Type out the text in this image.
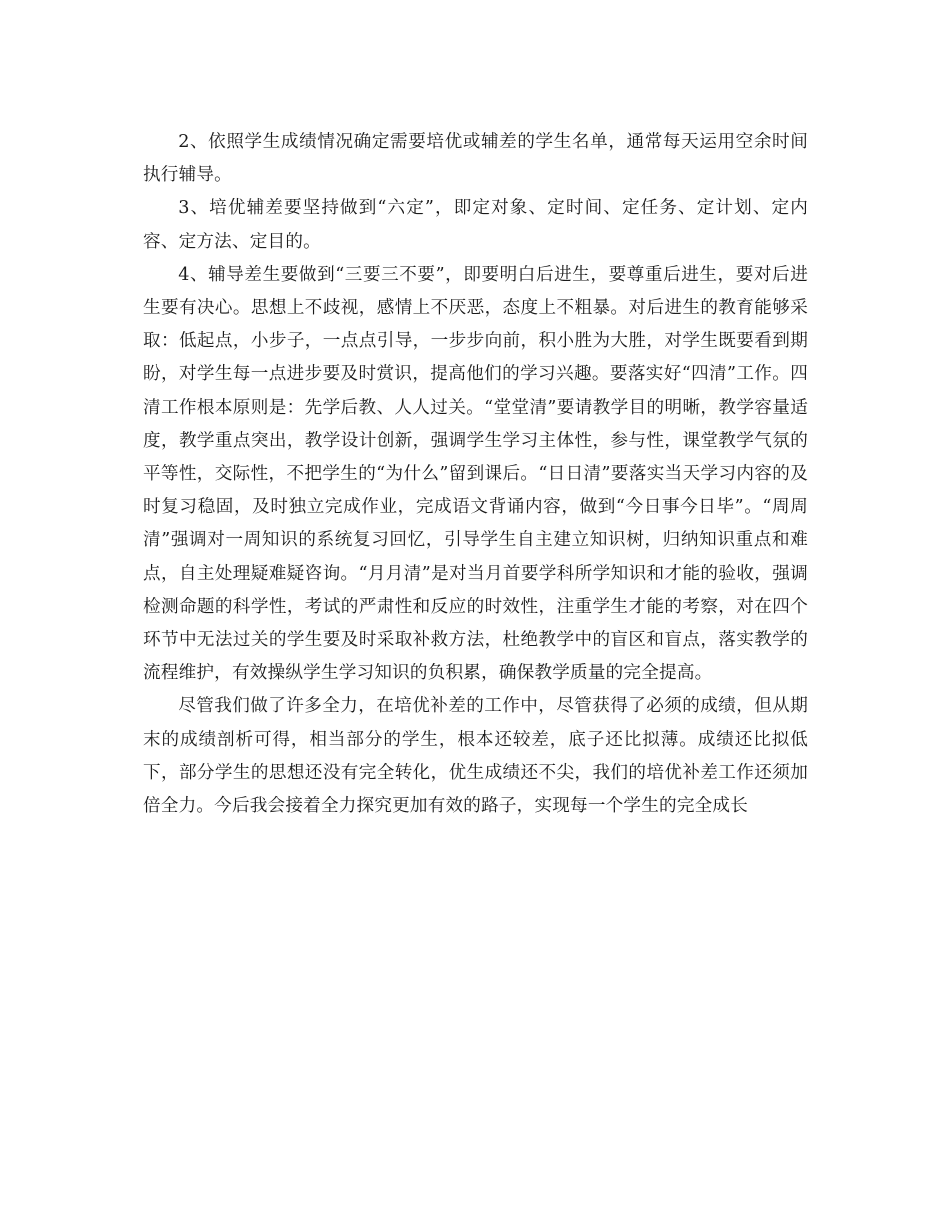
2、依照学生成绩情况确定需要培优或辅差的学生名单，通常每天运用空余时间执行辅导。

3、培优辅差要坚持做到“六定”，即定对象、定时间、定任务、定计划、定内容、定方法、定目的。

4、辅导差生要做到“三要三不要”，即要明白后进生，要尊重后进生，要对后进生要有决心。思想上不歧视，感情上不厌恶，态度上不粗暴。对后进生的教育能够采取：低起点，小步子，一点点引导，一步步向前，积小胜为大胜，对学生既要看到期盼，对学生每一点进步要及时赏识，提高他们的学习兴趣。要落实好“四清”工作。四清工作根本原则是：先学后教、人人过关。“堂堂清”要请教学目的明晰，教学容量适度，教学重点突出，教学设计创新，强调学生学习主体性，参与性，课堂教学气氛的平等性，交际性，不把学生的“为什么”留到课后。“日日清”要落实当天学习内容的及时复习稳固，及时独立完成作业，完成语文背诵内容，做到“今日事今日毕”。“周周清”强调对一周知识的系统复习回忆，引导学生自主建立知识树，归纳知识重点和难点，自主处理疑难疑咨询。“月月清”是对当月首要学科所学知识和才能的验收，强调检测命题的科学性，考试的严肃性和反应的时效性，注重学生才能的考察，对在四个环节中无法过关的学生要及时采取补救方法，杜绝教学中的盲区和盲点，落实教学的流程维护，有效操纵学生学习知识的负积累，确保教学质量的完全提高。

尽管我们做了许多全力，在培优补差的工作中，尽管获得了必须的成绩，但从期末的成绩剖析可得，相当部分的学生，根本还较差，底子还比拟薄。成绩还比拟低下，部分学生的思想还没有完全转化，优生成绩还不尖，我们的培优补差工作还须加倍全力。今后我会接着全力探究更加有效的路子，实现每一个学生的完全成长
